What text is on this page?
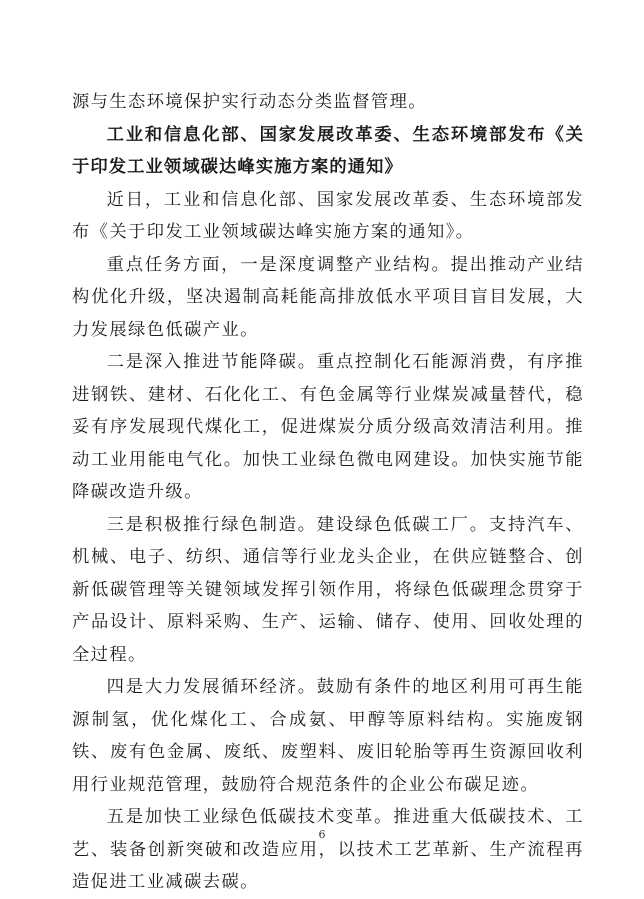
源与生态环境保护实行动态分类监督管理。

工业和信息化部、国家发展改革委、生态环境部发布《关于印发工业领域碳达峰实施方案的通知》

近日，工业和信息化部、国家发展改革委、生态环境部发布《关于印发工业领域碳达峰实施方案的通知》。

重点任务方面，一是深度调整产业结构。提出推动产业结构优化升级，坚决遏制高耗能高排放低水平项目盲目发展，大力发展绿色低碳产业。

二是深入推进节能降碳。重点控制化石能源消费，有序推进钢铁、建材、石化化工、有色金属等行业煤炭减量替代，稳妥有序发展现代煤化工，促进煤炭分质分级高效清洁利用。推动工业用能电气化。加快工业绿色微电网建设。加快实施节能降碳改造升级。

三是积极推行绿色制造。建设绿色低碳工厂。支持汽车、机械、电子、纺织、通信等行业龙头企业，在供应链整合、创新低碳管理等关键领域发挥引领作用，将绿色低碳理念贯穿于产品设计、原料采购、生产、运输、储存、使用、回收处理的全过程。

四是大力发展循环经济。鼓励有条件的地区利用可再生能源制氢，优化煤化工、合成氨、甲醇等原料结构。实施废钢铁、废有色金属、废纸、废塑料、废旧轮胎等再生资源回收利用行业规范管理，鼓励符合规范条件的企业公布碳足迹。

五是加快工业绿色低碳技术变革。推进重大低碳技术、工艺、装备创新突破和改造应用，以技术工艺革新、生产流程再造促进工业减碳去碳。

6
